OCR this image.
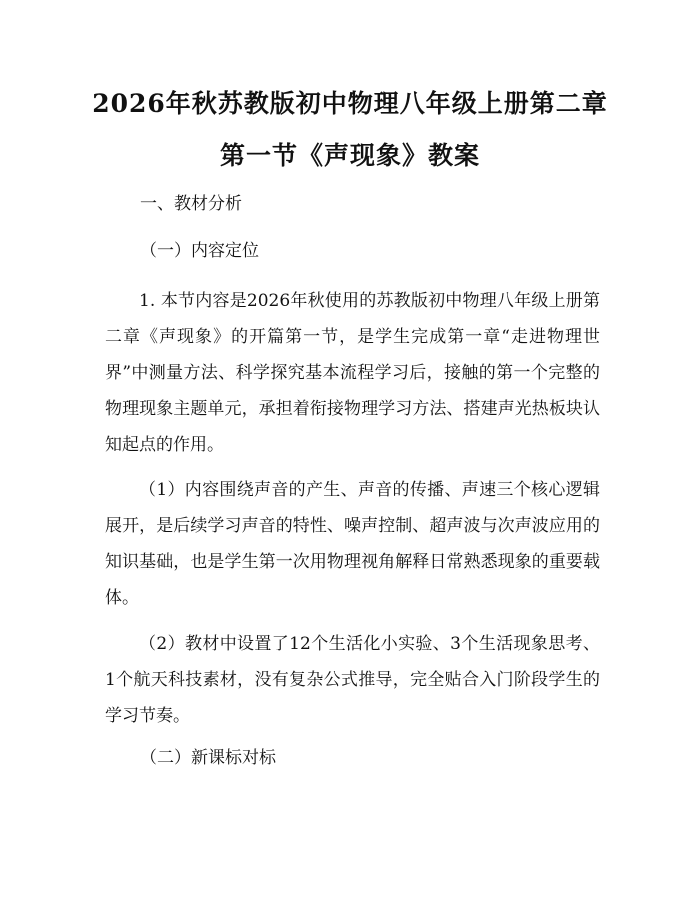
2026年秋苏教版初中物理八年级上册第二章
第一节《声现象》教案

一、教材分析

（一）内容定位

1. 本节内容是2026年秋使用的苏教版初中物理八年级上册第二章《声现象》的开篇第一节，是学生完成第一章“走进物理世界”中测量方法、科学探究基本流程学习后，接触的第一个完整的物理现象主题单元，承担着衔接物理学习方法、搭建声光热板块认知起点的作用。

（1）内容围绕声音的产生、声音的传播、声速三个核心逻辑展开，是后续学习声音的特性、噪声控制、超声波与次声波应用的知识基础，也是学生第一次用物理视角解释日常熟悉现象的重要载体。

（2）教材中设置了12个生活化小实验、3个生活现象思考、1个航天科技素材，没有复杂公式推导，完全贴合入门阶段学生的学习节奏。

（二）新课标对标
